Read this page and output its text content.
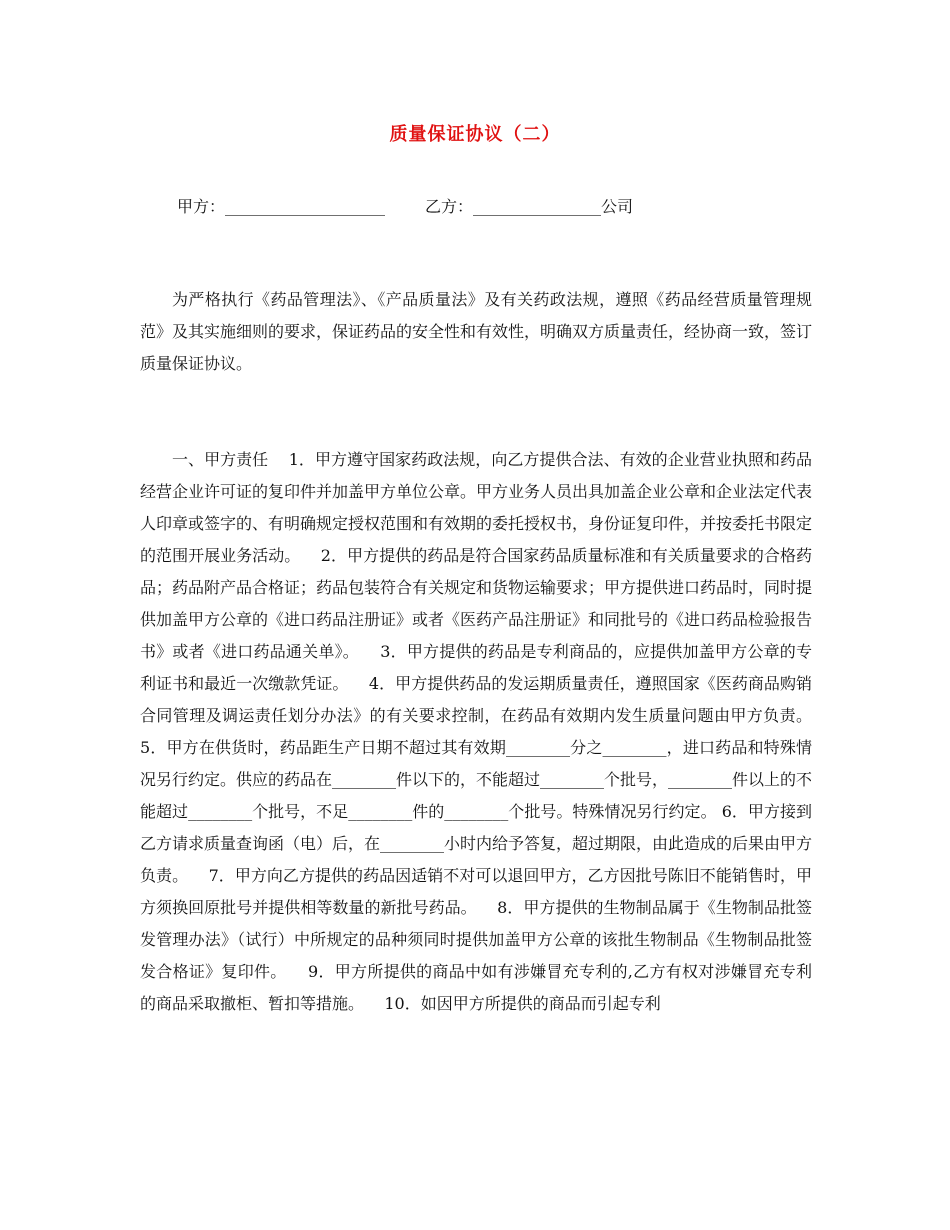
质量保证协议（二）
甲方：____________________	乙方：________________公司

为严格执行《药品管理法》、《产品质量法》及有关药政法规，遵照《药品经营质量管理规范》及其实施细则的要求，保证药品的安全性和有效性，明确双方质量责任，经协商一致，签订质量保证协议。

一、甲方责任    1．甲方遵守国家药政法规，向乙方提供合法、有效的企业营业执照和药品经营企业许可证的复印件并加盖甲方单位公章。甲方业务人员出具加盖企业公章和企业法定代表人印章或签字的、有明确规定授权范围和有效期的委托授权书，身份证复印件，并按委托书限定的范围开展业务活动。    2．甲方提供的药品是符合国家药品质量标准和有关质量要求的合格药品；药品附产品合格证；药品包装符合有关规定和货物运输要求；甲方提供进口药品时，同时提供加盖甲方公章的《进口药品注册证》或者《医药产品注册证》和同批号的《进口药品检验报告书》或者《进口药品通关单》。    3．甲方提供的药品是专利商品的，应提供加盖甲方公章的专利证书和最近一次缴款凭证。    4．甲方提供药品的发运期质量责任，遵照国家《医药商品购销合同管理及调运责任划分办法》的有关要求控制，在药品有效期内发生质量问题由甲方负责。    5．甲方在供货时，药品距生产日期不超过其有效期________分之________，进口药品和特殊情况另行约定。供应的药品在________件以下的，不能超过________个批号，________件以上的不能超过________个批号，不足________件的________个批号。特殊情况另行约定。 6．甲方接到乙方请求质量查询函（电）后，在________小时内给予答复，超过期限，由此造成的后果由甲方负责。    7．甲方向乙方提供的药品因适销不对可以退回甲方，乙方因批号陈旧不能销售时，甲方须换回原批号并提供相等数量的新批号药品。    8．甲方提供的生物制品属于《生物制品批签发管理办法》（试行）中所规定的品种须同时提供加盖甲方公章的该批生物制品《生物制品批签发合格证》复印件。    9．甲方所提供的商品中如有涉嫌冒充专利的,乙方有权对涉嫌冒充专利的商品采取撤柜、暂扣等措施。    10．如因甲方所提供的商品而引起专利
